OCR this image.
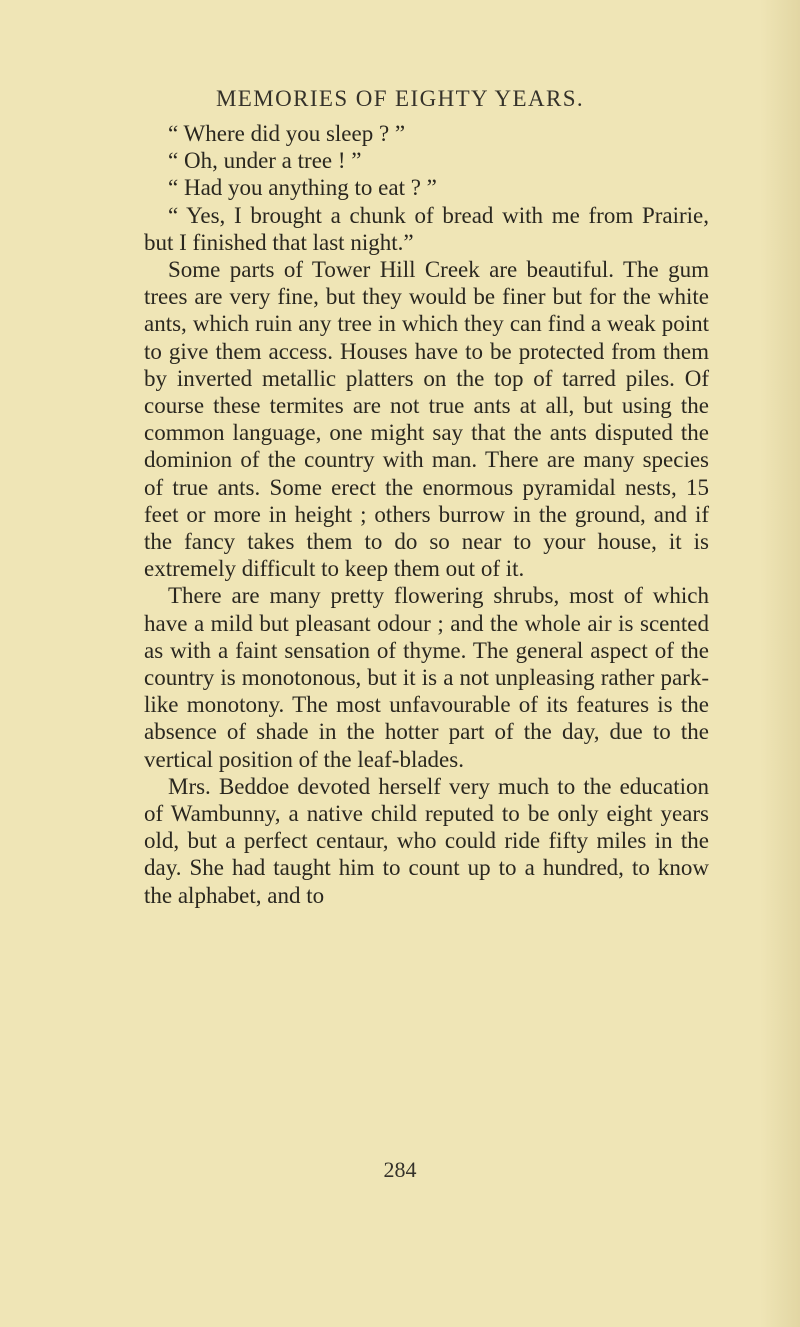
MEMORIES OF EIGHTY YEARS.

“ Where did you sleep ? ”

“ Oh, under a tree ! ”

“ Had you anything to eat ? ”

“ Yes, I brought a chunk of bread with me from Prairie, but I finished that last night.”

Some parts of Tower Hill Creek are beautiful. The gum trees are very fine, but they would be finer but for the white ants, which ruin any tree in which they can find a weak point to give them access. Houses have to be protected from them by inverted metallic platters on the top of tarred piles. Of course these termites are not true ants at all, but using the common language, one might say that the ants disputed the dominion of the country with man. There are many species of true ants. Some erect the enormous pyramidal nests, 15 feet or more in height ; others burrow in the ground, and if the fancy takes them to do so near to your house, it is extremely difficult to keep them out of it.

There are many pretty flowering shrubs, most of which have a mild but pleasant odour ; and the whole air is scented as with a faint sensation of thyme. The general aspect of the country is monotonous, but it is a not unpleasing rather park-like monotony. The most unfavourable of its features is the absence of shade in the hotter part of the day, due to the vertical position of the leaf-blades.

Mrs. Beddoe devoted herself very much to the education of Wambunny, a native child reputed to be only eight years old, but a perfect centaur, who could ride fifty miles in the day. She had taught him to count up to a hundred, to know the alphabet, and to

284
